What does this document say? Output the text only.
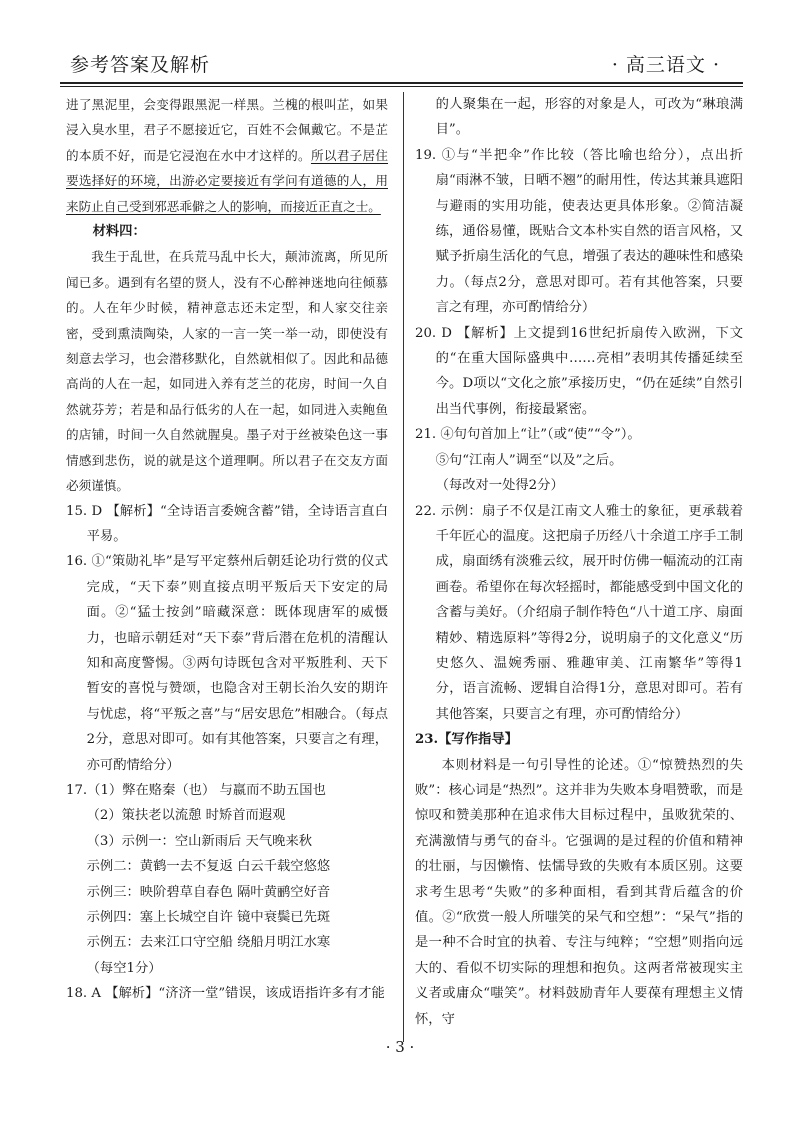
参考答案及解析	· 高三语文 ·

进了黑泥里，会变得跟黑泥一样黑。兰槐的根叫芷，如果浸入臭水里，君子不愿接近它，百姓不会佩戴它。不是芷的本质不好，而是它浸泡在水中才这样的。所以君子居住要选择好的环境，出游必定要接近有学问有道德的人，用来防止自己受到邪恶乖僻之人的影响，而接近正直之士。

材料四：

我生于乱世，在兵荒马乱中长大，颠沛流离，所见所闻已多。遇到有名望的贤人，没有不心醉神迷地向往倾慕的。人在年少时候，精神意志还未定型，和人家交往亲密，受到熏渍陶染，人家的一言一笑一举一动，即使没有刻意去学习，也会潜移默化，自然就相似了。因此和品德高尚的人在一起，如同进入养有芝兰的花房，时间一久自然就芬芳；若是和品行低劣的人在一起，如同进入卖鲍鱼的店铺，时间一久自然就腥臭。墨子对于丝被染色这一事情感到悲伤，说的就是这个道理啊。所以君子在交友方面必须谨慎。

15. D 【解析】“全诗语言委婉含蓄”错，全诗语言直白平易。

16. ①“策勋礼毕”是写平定蔡州后朝廷论功行赏的仪式完成，“天下泰”则直接点明平叛后天下安定的局面。②“猛士按剑”暗藏深意：既体现唐军的威慑力，也暗示朝廷对“天下泰”背后潜在危机的清醒认知和高度警惕。③两句诗既包含对平叛胜利、天下暂安的喜悦与赞颂，也隐含对王朝长治久安的期许与忧虑，将“平叛之喜”与“居安思危”相融合。（每点2分，意思对即可。如有其他答案，只要言之有理，亦可酌情给分）

17.（1）弊在赂秦（也） 与嬴而不助五国也

（2）策扶老以流憩 时矫首而遐观

（3）示例一：空山新雨后 天气晚来秋

示例二：黄鹤一去不复返 白云千载空悠悠

示例三：映阶碧草自春色 隔叶黄鹂空好音

示例四：塞上长城空自许 镜中衰鬓已先斑

示例五：去来江口守空船 绕船月明江水寒

（每空1分）

18. A 【解析】“济济一堂”错误，该成语指许多有才能

的人聚集在一起，形容的对象是人，可改为“琳琅满目”。

19. ①与“半把伞”作比较（答比喻也给分），点出折扇“雨淋不皱，日晒不翘”的耐用性，传达其兼具遮阳与避雨的实用功能，使表达更具体形象。②简洁凝练，通俗易懂，既贴合文本朴实自然的语言风格，又赋予折扇生活化的气息，增强了表达的趣味性和感染力。（每点2分，意思对即可。若有其他答案，只要言之有理，亦可酌情给分）

20. D 【解析】上文提到16世纪折扇传入欧洲，下文的“在重大国际盛典中……亮相”表明其传播延续至今。D项以“文化之旅”承接历史，“仍在延续”自然引出当代事例，衔接最紧密。

21. ④句句首加上“让”（或“使”“令”）。

⑤句“江南人”调至“以及”之后。

（每改对一处得2分）

22. 示例：扇子不仅是江南文人雅士的象征，更承载着千年匠心的温度。这把扇子历经八十余道工序手工制成，扇面绣有淡雅云纹，展开时仿佛一幅流动的江南画卷。希望你在每次轻摇时，都能感受到中国文化的含蓄与美好。（介绍扇子制作特色“八十道工序、扇面精妙、精选原料”等得2分，说明扇子的文化意义“历史悠久、温婉秀丽、雅趣审美、江南繁华”等得1分，语言流畅、逻辑自洽得1分，意思对即可。若有其他答案，只要言之有理，亦可酌情给分）

23.【写作指导】

本则材料是一句引导性的论述。①“惊赞热烈的失败”：核心词是“热烈”。这并非为失败本身唱赞歌，而是惊叹和赞美那种在追求伟大目标过程中，虽败犹荣的、充满激情与勇气的奋斗。它强调的是过程的价值和精神的壮丽，与因懒惰、怯懦导致的失败有本质区别。这要求考生思考“失败”的多种面相，看到其背后蕴含的价值。②“欣赏一般人所嗤笑的呆气和空想”：“呆气”指的是一种不合时宜的执着、专注与纯粹；“空想”则指向远大的、看似不切实际的理想和抱负。这两者常被现实主义者或庸众“嗤笑”。材料鼓励青年人要葆有理想主义情怀，守

· 3 ·
